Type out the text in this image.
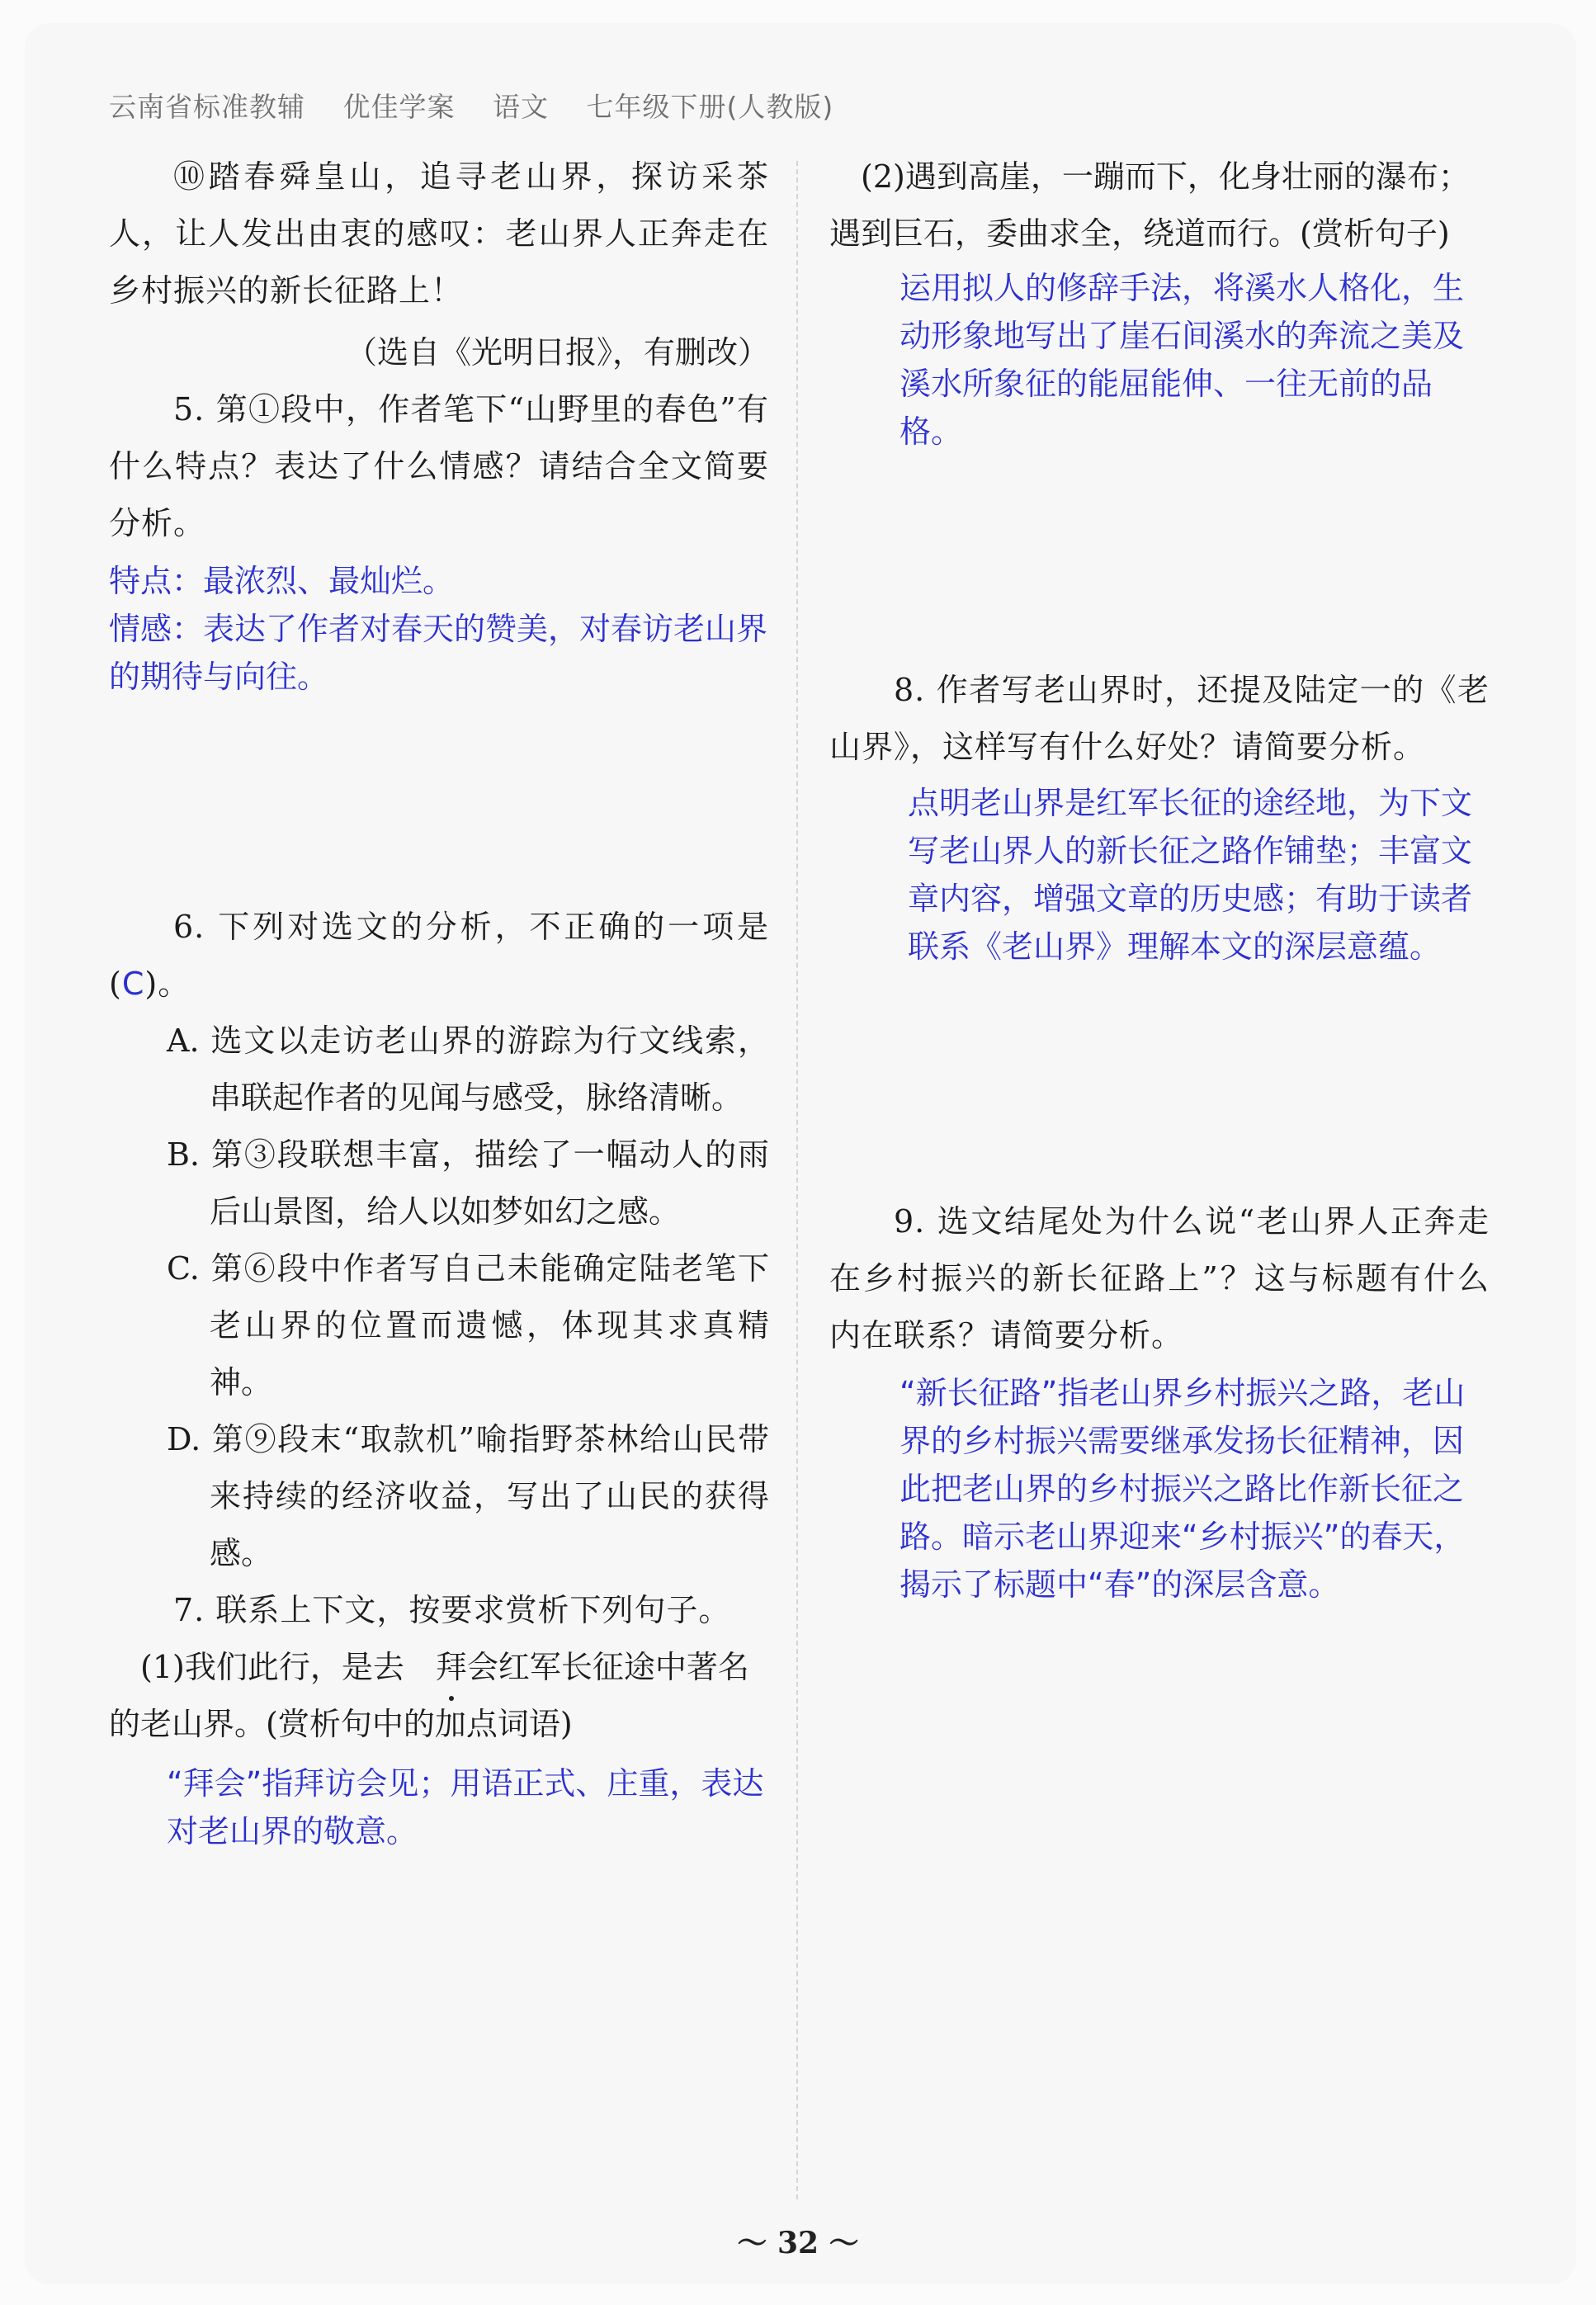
云南省标准教辅 优佳学案 语文 七年级下册(人教版)

⑩踏春舜皇山，追寻老山界，探访采茶人，让人发出由衷的感叹：老山界人正奔走在乡村振兴的新长征路上！

（选自《光明日报》，有删改）

5. 第①段中，作者笔下“山野里的春色”有什么特点？表达了什么情感？请结合全文简要分析。

特点：最浓烈、最灿烂。

情感：表达了作者对春天的赞美，对春访老山界的期待与向往。

6. 下列对选文的分析，不正确的一项是(C)。

A. 选文以走访老山界的游踪为行文线索，串联起作者的见闻与感受，脉络清晰。

B. 第③段联想丰富，描绘了一幅动人的雨后山景图，给人以如梦如幻之感。

C. 第⑥段中作者写自己未能确定陆老笔下老山界的位置而遗憾，体现其求真精神。

D. 第⑨段末“取款机”喻指野茶林给山民带来持续的经济收益，写出了山民的获得感。

7. 联系上下文，按要求赏析下列句子。

(1)我们此行，是去 拜会红军长征途中著名的老山界。(赏析句中的加点词语)

“拜会”指拜访会见；用语正式、庄重，表达对老山界的敬意。

(2)遇到高崖，一蹦而下，化身壮丽的瀑布；遇到巨石，委曲求全，绕道而行。(赏析句子)

运用拟人的修辞手法，将溪水人格化，生动形象地写出了崖石间溪水的奔流之美及溪水所象征的能屈能伸、一往无前的品格。

8. 作者写老山界时，还提及陆定一的《老山界》，这样写有什么好处？请简要分析。

点明老山界是红军长征的途经地，为下文写老山界人的新长征之路作铺垫；丰富文章内容，增强文章的历史感；有助于读者联系《老山界》理解本文的深层意蕴。

9. 选文结尾处为什么说“老山界人正奔走在乡村振兴的新长征路上”？这与标题有什么内在联系？请简要分析。

“新长征路”指老山界乡村振兴之路，老山界的乡村振兴需要继承发扬长征精神，因此把老山界的乡村振兴之路比作新长征之路。暗示老山界迎来“乡村振兴”的春天，揭示了标题中“春”的深层含意。

～ 32 ～
